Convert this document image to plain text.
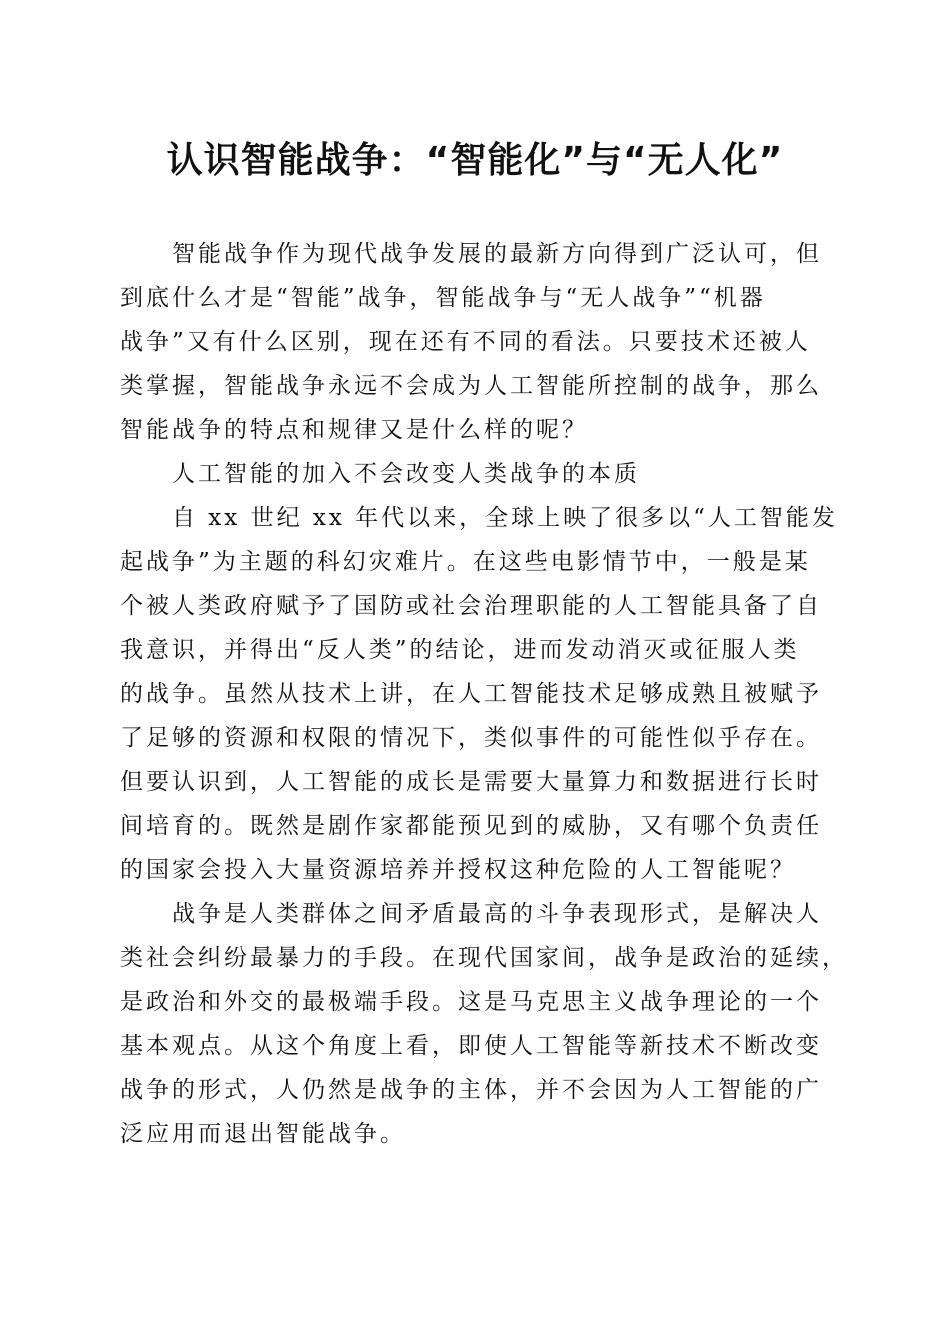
认识智能战争：“智能化”与“无人化”
智能战争作为现代战争发展的最新方向得到广泛认可，但
到底什么才是“智能”战争，智能战争与“无人战争”“机器
战争”又有什么区别，现在还有不同的看法。只要技术还被人
类掌握，智能战争永远不会成为人工智能所控制的战争，那么
智能战争的特点和规律又是什么样的呢？
人工智能的加入不会改变人类战争的本质
自 xx 世纪 xx 年代以来，全球上映了很多以“人工智能发
起战争”为主题的科幻灾难片。在这些电影情节中，一般是某
个被人类政府赋予了国防或社会治理职能的人工智能具备了自
我意识，并得出“反人类”的结论，进而发动消灭或征服人类
的战争。虽然从技术上讲，在人工智能技术足够成熟且被赋予
了足够的资源和权限的情况下，类似事件的可能性似乎存在。
但要认识到，人工智能的成长是需要大量算力和数据进行长时
间培育的。既然是剧作家都能预见到的威胁，又有哪个负责任
的国家会投入大量资源培养并授权这种危险的人工智能呢？
战争是人类群体之间矛盾最高的斗争表现形式，是解决人
类社会纠纷最暴力的手段。在现代国家间，战争是政治的延续，
是政治和外交的最极端手段。这是马克思主义战争理论的一个
基本观点。从这个角度上看，即使人工智能等新技术不断改变
战争的形式，人仍然是战争的主体，并不会因为人工智能的广
泛应用而退出智能战争。
